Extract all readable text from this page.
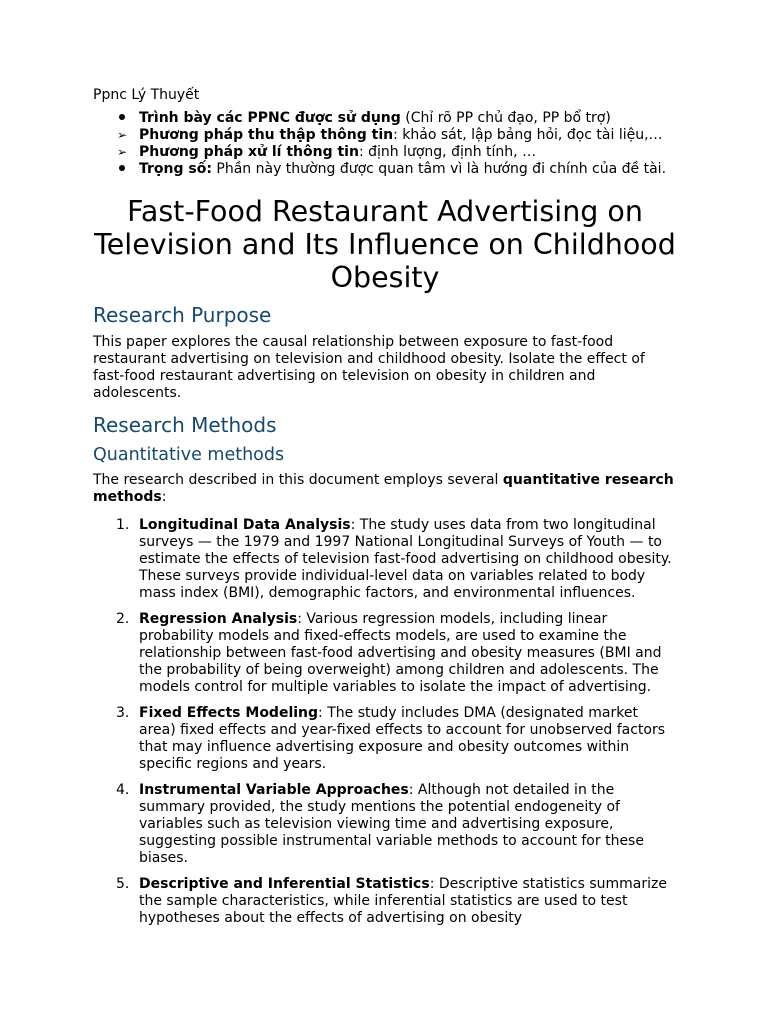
Ppnc Lý Thuyết
Trình bày các PPNC được sử dụng (Chỉ rõ PP chủ đạo, PP bổ trợ)
➢ Phương pháp thu thập thông tin: khảo sát, lập bảng hỏi, đọc tài liệu,…
➢ Phương pháp xử lí thông tin: định lượng, định tính, …
Trọng số: Phần này thường được quan tâm vì là hướng đi chính của đề tài.
Fast-Food Restaurant Advertising on Television and Its Influence on Childhood Obesity
Research Purpose

This paper explores the causal relationship between exposure to fast-food restaurant advertising on television and childhood obesity. Isolate the effect of fast-food restaurant advertising on television on obesity in children and adolescents.

Research Methods
Quantitative methods

The research described in this document employs several quantitative research methods:

1. Longitudinal Data Analysis: The study uses data from two longitudinal surveys — the 1979 and 1997 National Longitudinal Surveys of Youth — to estimate the effects of television fast-food advertising on childhood obesity. These surveys provide individual-level data on variables related to body mass index (BMI), demographic factors, and environmental influences.
2. Regression Analysis: Various regression models, including linear probability models and fixed-effects models, are used to examine the relationship between fast-food advertising and obesity measures (BMI and the probability of being overweight) among children and adolescents. The models control for multiple variables to isolate the impact of advertising.
3. Fixed Effects Modeling: The study includes DMA (designated market area) fixed effects and year-fixed effects to account for unobserved factors that may influence advertising exposure and obesity outcomes within specific regions and years.
4. Instrumental Variable Approaches: Although not detailed in the summary provided, the study mentions the potential endogeneity of variables such as television viewing time and advertising exposure, suggesting possible instrumental variable methods to account for these biases.
5. Descriptive and Inferential Statistics: Descriptive statistics summarize the sample characteristics, while inferential statistics are used to test hypotheses about the effects of advertising on obesity
